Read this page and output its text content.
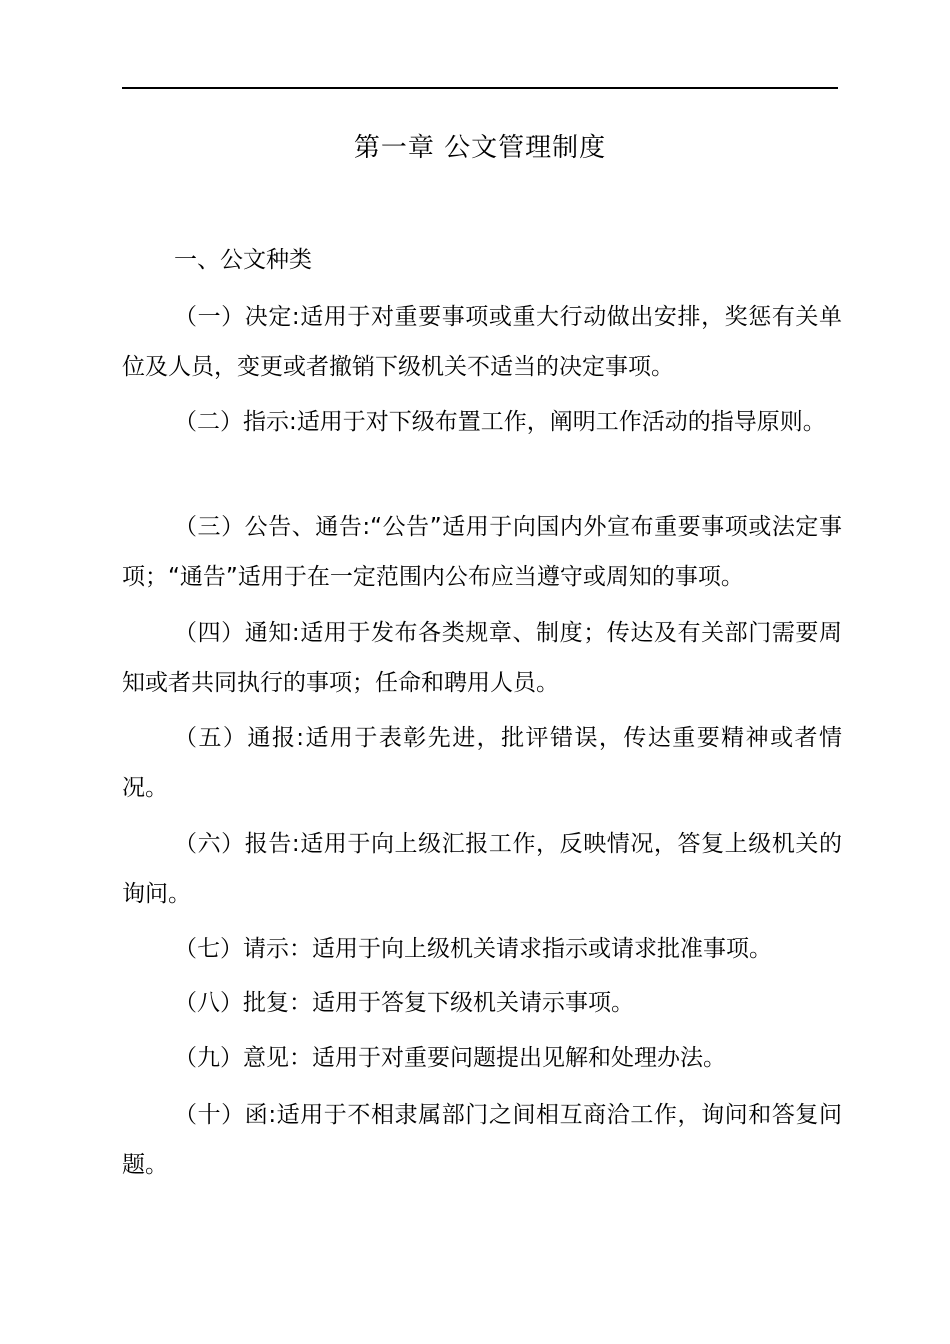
第一章 公文管理制度

一、公文种类

（一）决定:适用于对重要事项或重大行动做出安排，奖惩有关单位及人员，变更或者撤销下级机关不适当的决定事项。

（二）指示:适用于对下级布置工作，阐明工作活动的指导原则。

（三）公告、通告:“公告”适用于向国内外宣布重要事项或法定事项；“通告”适用于在一定范围内公布应当遵守或周知的事项。

（四）通知:适用于发布各类规章、制度；传达及有关部门需要周知或者共同执行的事项；任命和聘用人员。

（五）通报:适用于表彰先进，批评错误，传达重要精神或者情况。

（六）报告:适用于向上级汇报工作，反映情况，答复上级机关的询问。

（七）请示：适用于向上级机关请求指示或请求批准事项。

（八）批复：适用于答复下级机关请示事项。

（九）意见：适用于对重要问题提出见解和处理办法。

（十）函:适用于不相隶属部门之间相互商洽工作，询问和答复问题。
